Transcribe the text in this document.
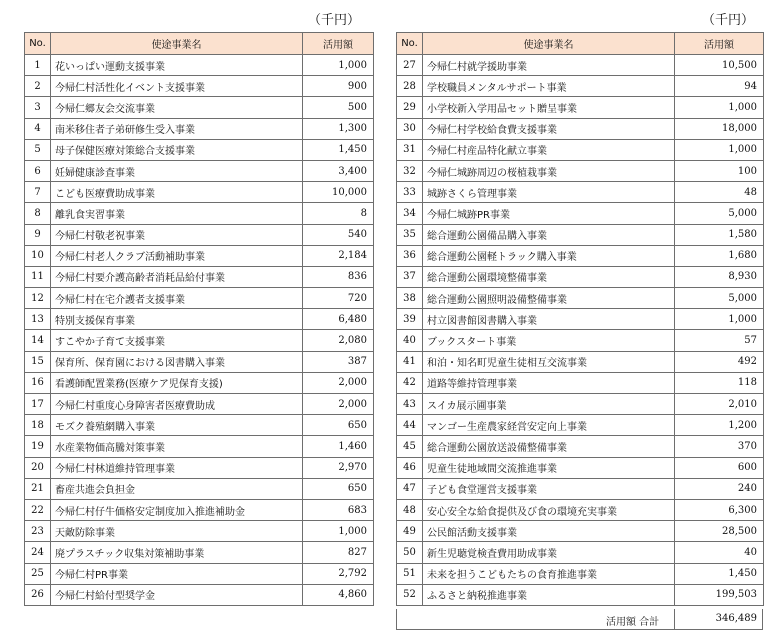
（千円）	（千円）
No.	使途事業名	活用額
1	花いっぱい運動支援事業	1,000
2	今帰仁村活性化イベント支援事業	900
3	今帰仁郷友会交流事業	500
4	南米移住者子弟研修生受入事業	1,300
5	母子保健医療対策総合支援事業	1,450
6	妊婦健康診査事業	3,400
7	こども医療費助成事業	10,000
8	離乳食実習事業	8
9	今帰仁村敬老祝事業	540
10	今帰仁村老人クラブ活動補助事業	2,184
11	今帰仁村要介護高齢者消耗品給付事業	836
12	今帰仁村在宅介護者支援事業	720
13	特別支援保育事業	6,480
14	すこやか子育て支援事業	2,080
15	保育所、保育園における図書購入事業	387
16	看護師配置業務(医療ケア児保育支援)	2,000
17	今帰仁村重度心身障害者医療費助成	2,000
18	モズク養殖網購入事業	650
19	水産業物価高騰対策事業	1,460
20	今帰仁村林道維持管理事業	2,970
21	畜産共進会負担金	650
22	今帰仁村仔牛価格安定制度加入推進補助金	683
23	天敵防除事業	1,000
24	廃プラスチック収集対策補助事業	827
25	今帰仁村PR事業	2,792
26	今帰仁村給付型奨学金	4,860
No.	使途事業名	活用額
27	今帰仁村就学援助事業	10,500
28	学校職員メンタルサポート事業	94
29	小学校新入学用品セット贈呈事業	1,000
30	今帰仁村学校給食費支援事業	18,000
31	今帰仁村産品特化献立事業	1,000
32	今帰仁城跡周辺の桜植栽事業	100
33	城跡さくら管理事業	48
34	今帰仁城跡PR事業	5,000
35	総合運動公園備品購入事業	1,580
36	総合運動公園軽トラック購入事業	1,680
37	総合運動公園環境整備事業	8,930
38	総合運動公園照明設備整備事業	5,000
39	村立図書館図書購入事業	1,000
40	ブックスタート事業	57
41	和泊・知名町児童生徒相互交流事業	492
42	道路等維持管理事業	118
43	スイカ展示圃事業	2,010
44	マンゴー生産農家経営安定向上事業	1,200
45	総合運動公園放送設備整備事業	370
46	児童生徒地域間交流推進事業	600
47	子ども食堂運営支援事業	240
48	安心安全な給食提供及び食の環境充実事業	6,300
49	公民館活動支援事業	28,500
50	新生児聴覚検査費用助成事業	40
51	未来を担うこどもたちの食育推進事業	1,450
52	ふるさと納税推進事業	199,503
活用額 合計	346,489
